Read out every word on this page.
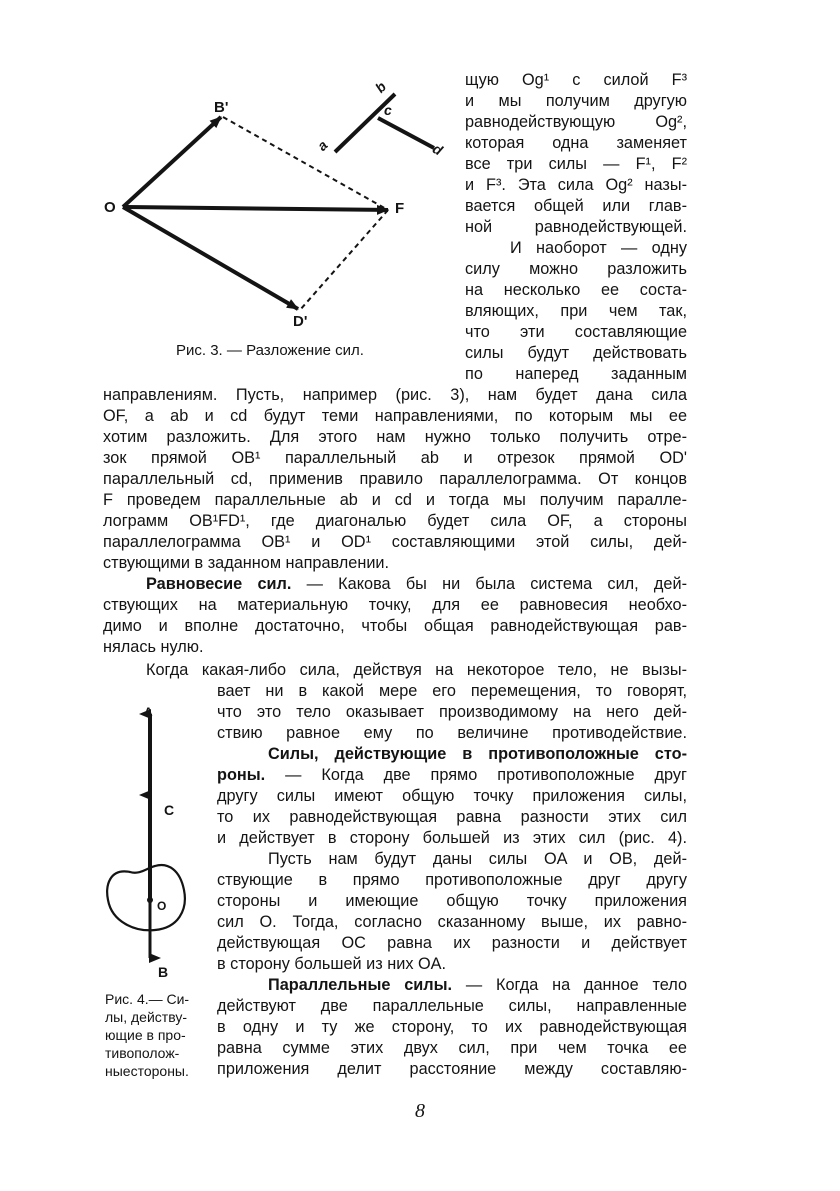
O
B'
F
D'
a
b
c
d
Рис. 3. — Разложение сил.
щую Og¹ с силой F³
и мы получим другую
равнодействующую Og²,
которая одна заменяет
все три силы — F¹, F²
и F³. Эта сила Og² назы-
вается общей или глав-
ной равнодействующей.
И наоборот — одну
силу можно разложить
на несколько ее соста-
вляющих, при чем так,
что эти составляющие
силы будут действовать
по наперед заданным
направлениям. Пусть, например (рис. 3), нам будет дана сила
OF, а ab и cd будут теми направлениями, по которым мы ее
хотим разложить. Для этого нам нужно только получить отре-
зок прямой OB¹ параллельный ab и отрезок прямой OD'
параллельный cd, применив правило параллелограмма. От концов
F проведем параллельные ab и cd и тогда мы получим паралле-
лограмм OB¹FD¹, где диагональю будет сила OF, а стороны
параллелограмма OB¹ и OD¹ составляющими этой силы, дей-
ствующими в заданном направлении.
Равновесие сил. — Какова бы ни была система сил, дей-
ствующих на материальную точку, для ее равновесия необхо-
димо и вполне достаточно, чтобы общая равнодействующая рав-
нялась нулю.
Когда какая-либо сила, действуя на некоторое тело, не вызы-
вает ни в какой мере его перемещения, то говорят,
что это тело оказывает производимому на него дей-
ствию равное ему по величине противодействие.
Силы, действующие в противоположные сто-
роны. — Когда две прямо противоположные друг
другу силы имеют общую точку приложения силы,
то их равнодействующая равна разности этих сил
и действует в сторону большей из этих сил (рис. 4).
Пусть нам будут даны силы OA и OB, дей-
ствующие в прямо противоположные друг другу
стороны и имеющие общую точку приложения
сил O. Тогда, согласно сказанному выше, их равно-
действующая OC равна их разности и действует
в сторону большей из них OA.
Параллельные силы. — Когда на данное тело
действуют две параллельные силы, направленные
в одну и ту же сторону, то их равнодействующая
равна сумме этих двух сил, при чем точка ее
приложения делит расстояние между составляю-
A
C
O
B
Рис. 4.— Си-
лы, действу-
ющие в про-
тивополож-
ныестороны.
8
